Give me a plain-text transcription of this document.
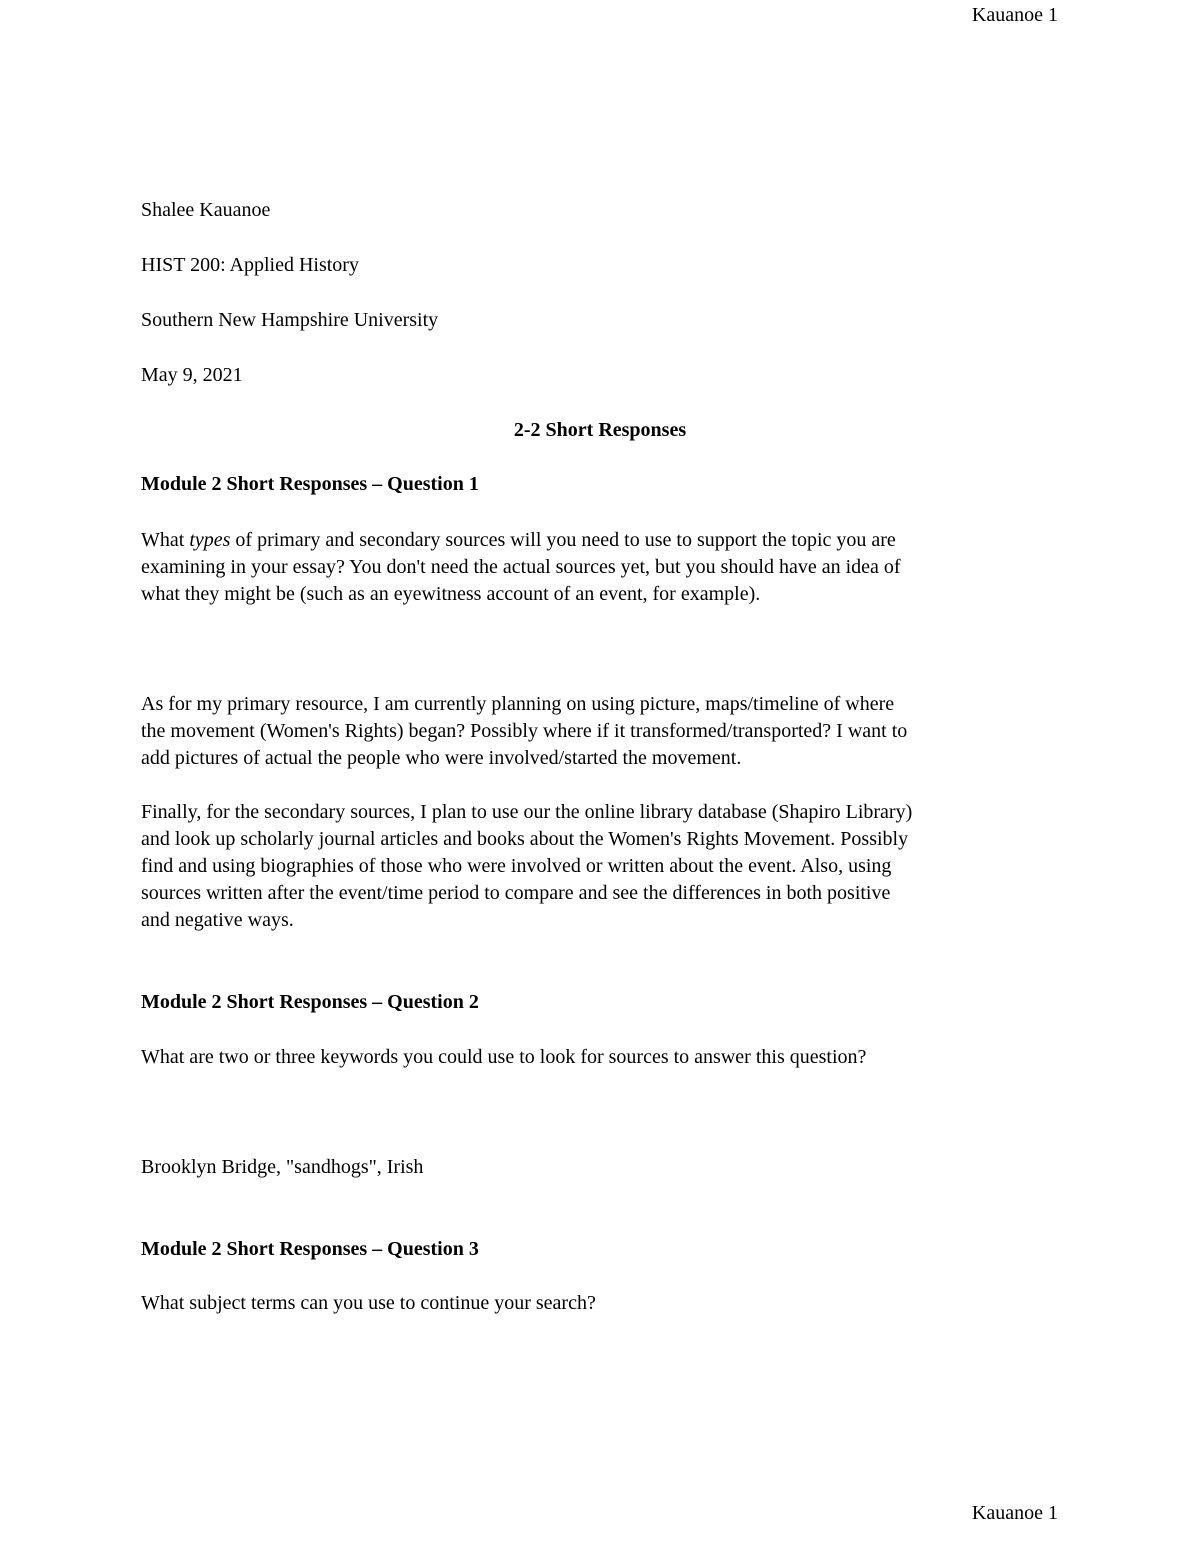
Kauanoe 1
Shalee Kauanoe
HIST 200: Applied History
Southern New Hampshire University
May 9, 2021
2-2 Short Responses
Module 2 Short Responses – Question 1
What types of primary and secondary sources will you need to use to support the topic you are
examining in your essay? You don't need the actual sources yet, but you should have an idea of
what they might be (such as an eyewitness account of an event, for example).
As for my primary resource, I am currently planning on using picture, maps/timeline of where
the movement (Women's Rights) began? Possibly where if it transformed/transported? I want to
add pictures of actual the people who were involved/started the movement.
Finally, for the secondary sources, I plan to use our the online library database (Shapiro Library)
and look up scholarly journal articles and books about the Women's Rights Movement. Possibly
find and using biographies of those who were involved or written about the event. Also, using
sources written after the event/time period to compare and see the differences in both positive
and negative ways.
Module 2 Short Responses – Question 2
What are two or three keywords you could use to look for sources to answer this question?
Brooklyn Bridge, "sandhogs", Irish
Module 2 Short Responses – Question 3
What subject terms can you use to continue your search?
Kauanoe 1
